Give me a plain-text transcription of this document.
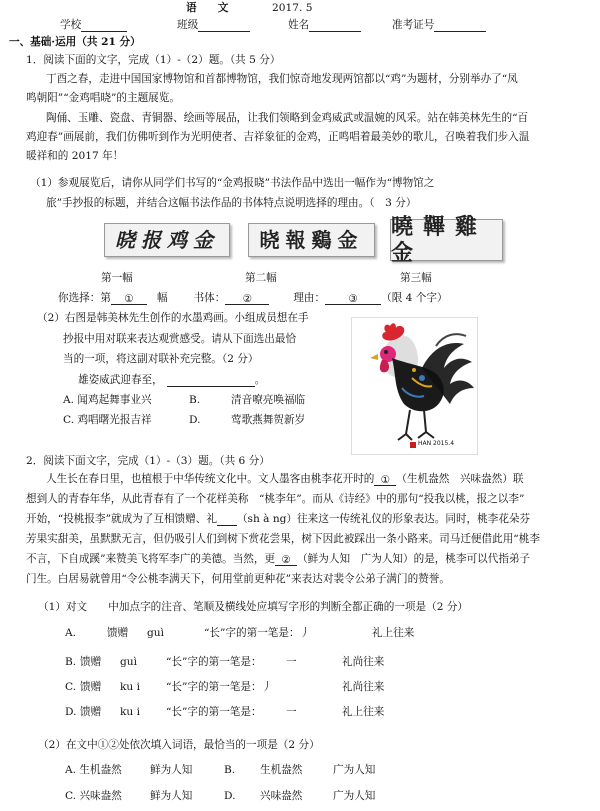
语　　文	2017. 5
学校	班级	姓名	准考证号
一、基础·运用（共 21 分）
1．阅读下面的文字，完成（1）-（2）题。（共 5 分）
丁酉之春，走进中国国家博物馆和首都博物馆，我们惊奇地发现两馆都以“鸡”为题材，分别举办了“凤
鸣朝阳”“金鸡唱晓”的主题展览。
陶俑、玉雕、瓷盘、青铜器、绘画等展品，让我们领略到金鸡威武或温婉的风采。站在韩美林先生的“百
鸡迎春”画展前，我们仿佛听到作为光明使者、吉祥象征的金鸡，正鸣唱着最美妙的歌儿，召唤着我们步入温
暖祥和的 2017 年！
（1）参观展览后，请你从同学们书写的“金鸡报晓”书法作品中选出一幅作为“博物馆之
旅”手抄报的标题，并结合这幅书法作品的书体特点说明选择的理由。（　3 分）
晓报鸡金	晓報鷄金
曉鞸雞金
第一幅	第二幅	第三幅
你选择：第 ① 幅 书体： ②	理由： ③ （限 4 个字）
（2）右图是韩美林先生创作的水墨鸡画。小组成员想在手
抄报中用对联来表达观赏感受。请从下面选出最恰
当的一项，将这副对联补充完整。（2 分）
雄姿威武迎春至，	。
A. 闻鸡起舞事业兴	B.	清音嘹亮唤福临
C. 鸡唱曙光报吉祥	D.	莺歌燕舞贺新岁
HAN 2015.4
2．阅读下面文字，完成（1）-（3）题。（共 6 分）
人生长在春日里，也植根于中华传统文化中。文人墨客由桃李花开时的 ① （生机盎然　兴味盎然）联
想到人的青春年华，从此青春有了一个花样美称　“桃李年”。而从《诗经》中的那句“投我以桃，报之以李”
开始，“投桃报李”就成为了互相馈赠、礼 （sh à ng）往来这一传统礼仪的形象表达。同时，桃李花朵芬
芳果实甜美，虽默默无言，但仍吸引人们到树下赏花尝果，树下因此被踩出一条小路来。司马迁便借此用“桃李
不言，下自成蹊”来赞美飞将军李广的美德。当然，更 ② （鲜为人知　广为人知）的是，桃李可以代指弟子
门生。白居易就曾用“令公桃李满天下，何用堂前更种花”来表达对裴令公弟子满门的赞誉。
（1）对文　　中加点字的注音、笔顺及横线处应填写字形的判断全都正确的一项是（2 分）
A.	馈赠 guì	“长”字的第一笔是：丿	礼上往来
B. 馈赠 guì	“长”字的第一笔是： 一	礼尚往来
C. 馈赠 ku i “长”字的第一笔是：丿	礼尚往来
D. 馈赠 ku i “长”字的第一笔是： 一	礼上往来
（2）在文中①②处依次填入词语，最恰当的一项是（2 分）
A. 生机盎然	鲜为人知	B. 生机盎然	广为人知
C. 兴味盎然	鲜为人知	D. 兴味盎然	广为人知
